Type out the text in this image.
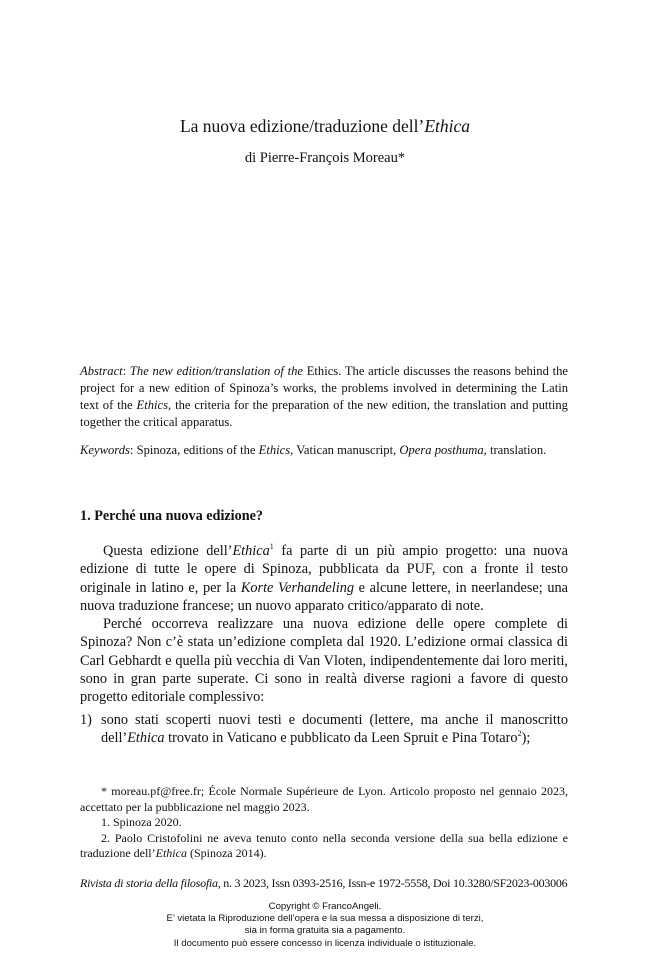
La nuova edizione/traduzione dell’Ethica
di Pierre-François Moreau*

Abstract: The new edition/translation of the Ethics. The article discusses the reasons behind the project for a new edition of Spinoza’s works, the problems involved in determining the Latin text of the Ethics, the criteria for the preparation of the new edition, the translation and putting together the critical apparatus.

Keywords: Spinoza, editions of the Ethics, Vatican manuscript, Opera posthuma, translation.

1. Perché una nuova edizione?

Questa edizione dell’Ethica$^1$ fa parte di un più ampio progetto: una nuova edizione di tutte le opere di Spinoza, pubblicata da PUF, con a fronte il testo originale in latino e, per la Korte Verhandeling e alcune lettere, in neerlandese; una nuova traduzione francese; un nuovo apparato critico/apparato di note.

Perché occorreva realizzare una nuova edizione delle opere complete di Spinoza? Non c’è stata un’edizione completa dal 1920. L’edizione ormai classica di Carl Gebhardt e quella più vecchia di Van Vloten, indipendentemente dai loro meriti, sono in gran parte superate. Ci sono in realtà diverse ragioni a favore di questo progetto editoriale complessivo:

1) sono stati scoperti nuovi testi e documenti (lettere, ma anche il manoscritto dell’Ethica trovato in Vaticano e pubblicato da Leen Spruit e Pina Totaro$^2$);

* moreau.pf@free.fr; École Normale Supérieure de Lyon. Articolo proposto nel gennaio 2023, accettato per la pubblicazione nel maggio 2023.

1. Spinoza 2020.

2. Paolo Cristofolini ne aveva tenuto conto nella seconda versione della sua bella edizione e traduzione dell’Ethica (Spinoza 2014).

Rivista di storia della filosofia, n. 3 2023, Issn 0393-2516, Issn-e 1972-5558, Doi 10.3280/SF2023-003006
Copyright © FrancoAngeli.
E’ vietata la Riproduzione dell’opera e la sua messa a disposizione di terzi,
sia in forma gratuita sia a pagamento.
Il documento può essere concesso in licenza individuale o istituzionale.
